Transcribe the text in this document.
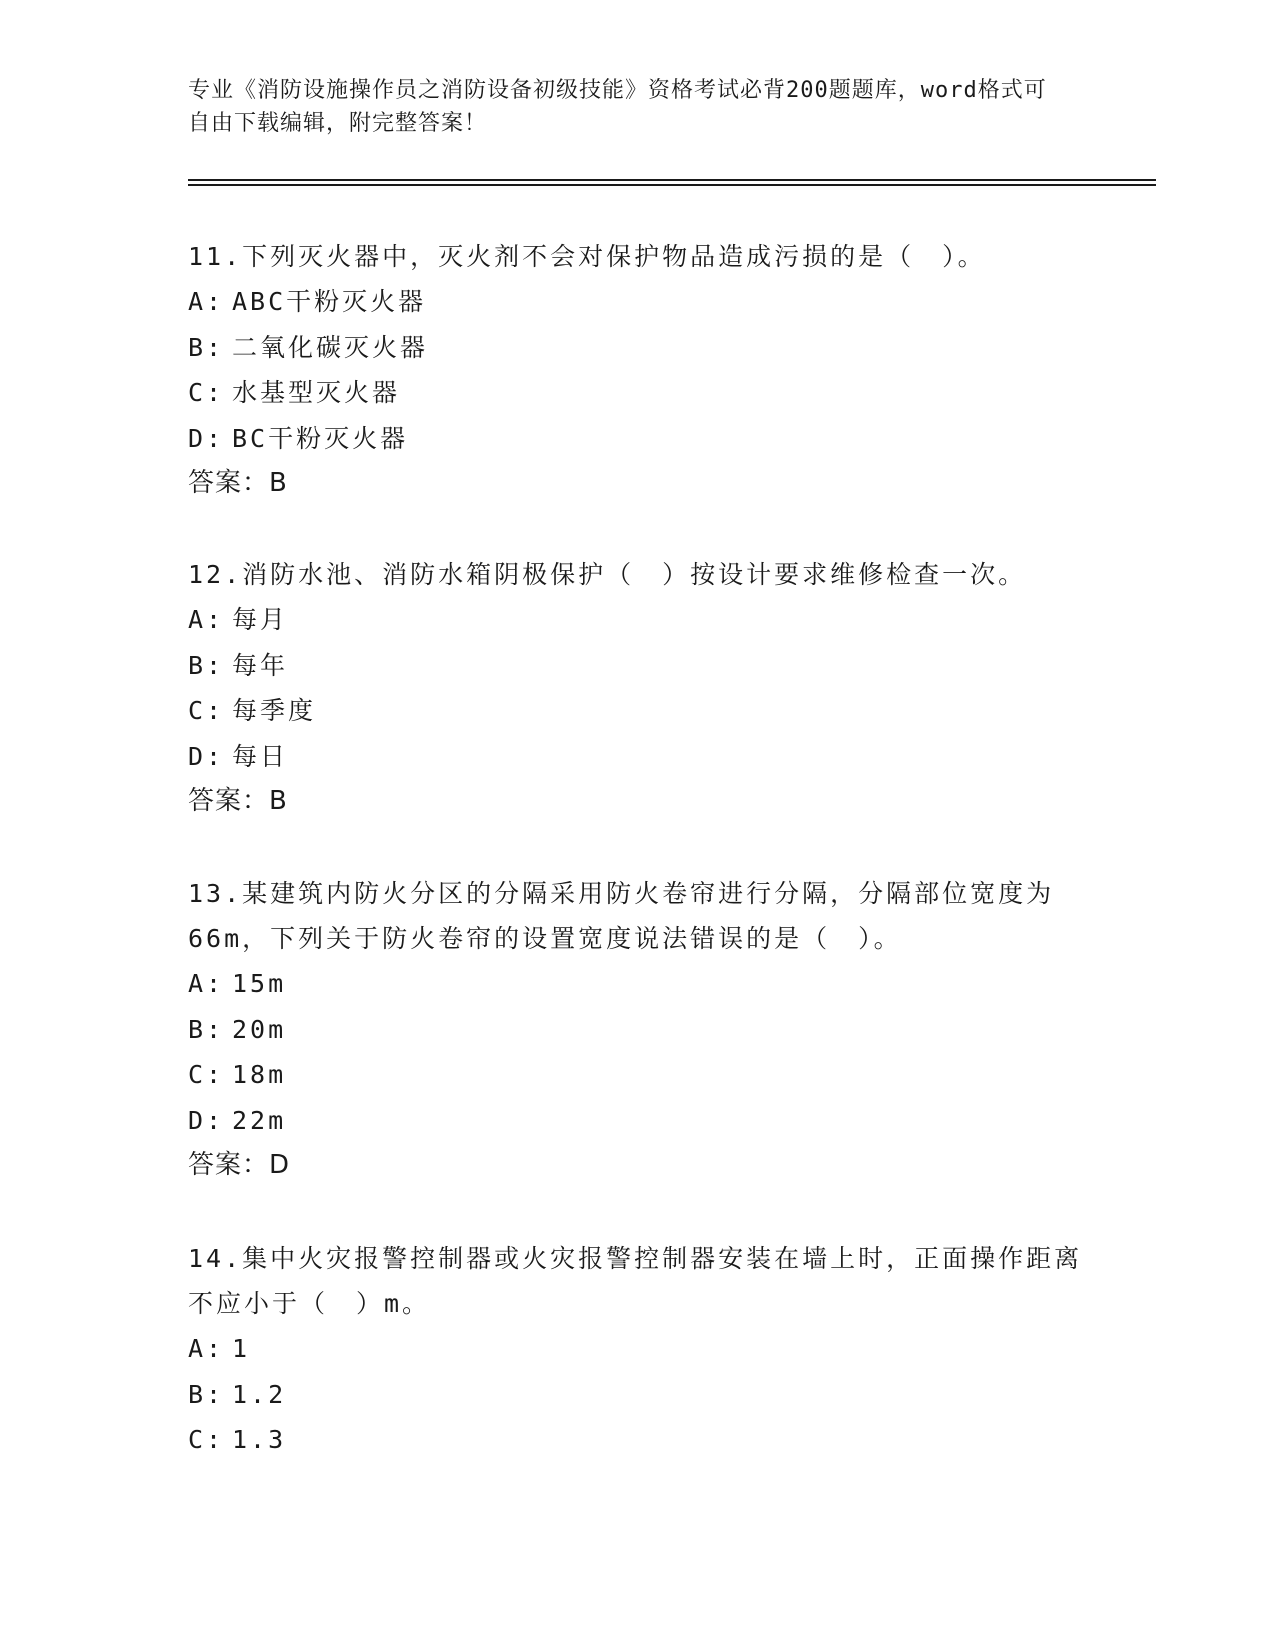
专业《消防设施操作员之消防设备初级技能》资格考试必背200题题库，word格式可自由下载编辑，附完整答案！
11.下列灭火器中，灭火剂不会对保护物品造成污损的是（　）。
A: ABC干粉灭火器
B: 二氧化碳灭火器
C: 水基型灭火器
D: BC干粉灭火器
答案：B
12.消防水池、消防水箱阴极保护（　）按设计要求维修检查一次。
A: 每月
B: 每年
C: 每季度
D: 每日
答案：B
13.某建筑内防火分区的分隔采用防火卷帘进行分隔，分隔部位宽度为66m，下列关于防火卷帘的设置宽度说法错误的是（　）。
A: 15m
B: 20m
C: 18m
D: 22m
答案：D
14.集中火灾报警控制器或火灾报警控制器安装在墙上时，正面操作距离不应小于（　）m。
A: 1
B: 1.2
C: 1.3
